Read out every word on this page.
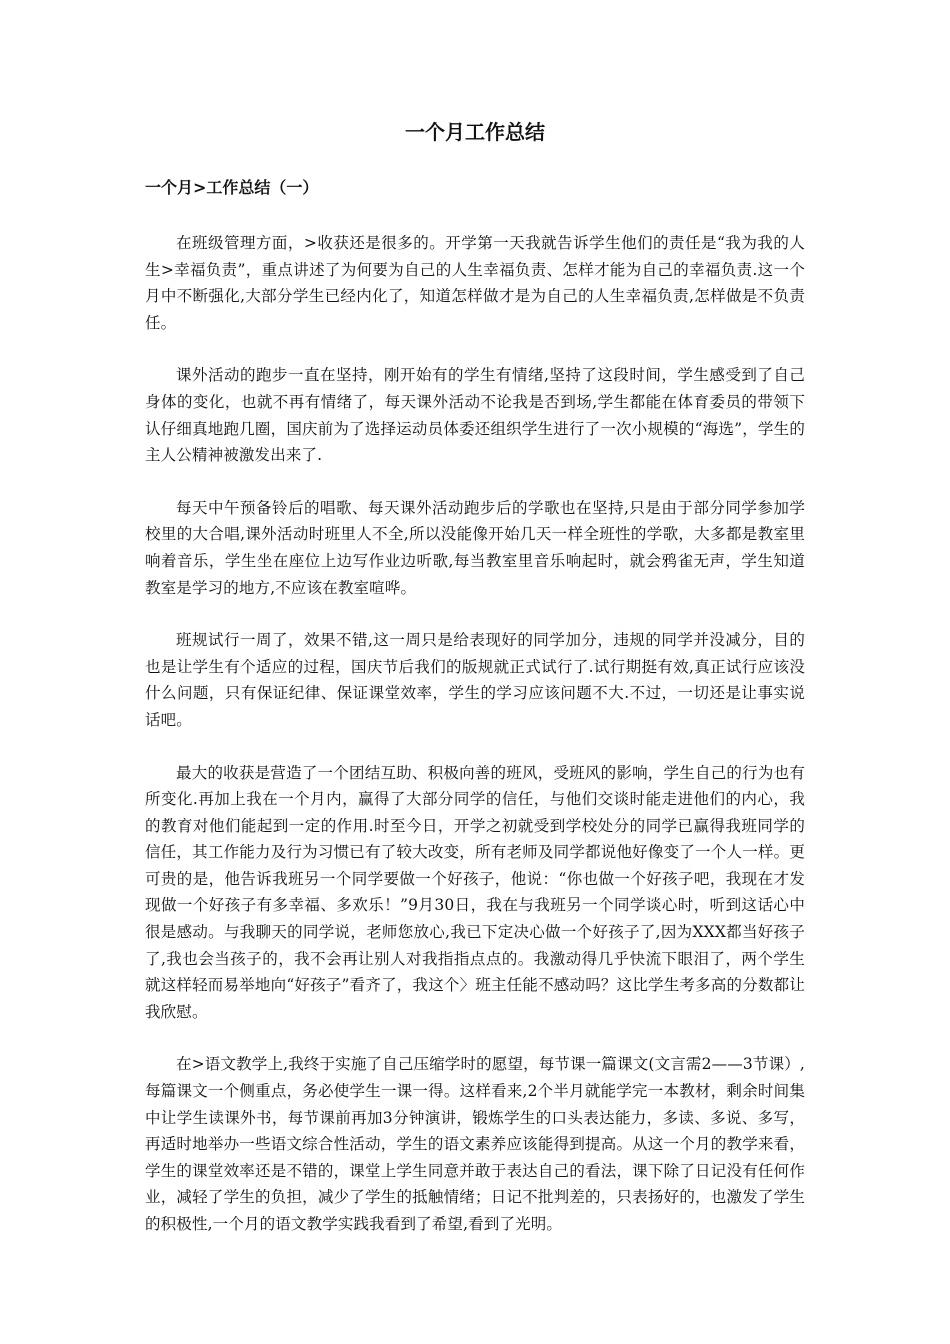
一个月工作总结
一个月>工作总结（一）

在班级管理方面，>收获还是很多的。开学第一天我就告诉学生他们的责任是“我为我的人生>幸福负责”，重点讲述了为何要为自己的人生幸福负责、怎样才能为自己的幸福负责.这一个月中不断强化,大部分学生已经内化了，知道怎样做才是为自己的人生幸福负责,怎样做是不负责任。

课外活动的跑步一直在坚持，刚开始有的学生有情绪,坚持了这段时间，学生感受到了自己身体的变化，也就不再有情绪了，每天课外活动不论我是否到场,学生都能在体育委员的带领下认仔细真地跑几圈，国庆前为了选择运动员体委还组织学生进行了一次小规模的“海选”，学生的主人公精神被激发出来了.

每天中午预备铃后的唱歌、每天课外活动跑步后的学歌也在坚持,只是由于部分同学参加学校里的大合唱,课外活动时班里人不全,所以没能像开始几天一样全班性的学歌，大多都是教室里响着音乐，学生坐在座位上边写作业边听歌,每当教室里音乐响起时，就会鸦雀无声，学生知道教室是学习的地方,不应该在教室喧哗。

班规试行一周了，效果不错,这一周只是给表现好的同学加分，违规的同学并没减分，目的也是让学生有个适应的过程，国庆节后我们的版规就正式试行了.试行期挺有效,真正试行应该没什么问题，只有保证纪律、保证课堂效率，学生的学习应该问题不大.不过，一切还是让事实说话吧。

最大的收获是营造了一个团结互助、积极向善的班风，受班风的影响，学生自己的行为也有所变化.再加上我在一个月内，赢得了大部分同学的信任，与他们交谈时能走进他们的内心，我的教育对他们能起到一定的作用.时至今日，开学之初就受到学校处分的同学已赢得我班同学的信任，其工作能力及行为习惯已有了较大改变，所有老师及同学都说他好像变了一个人一样。更可贵的是，他告诉我班另一个同学要做一个好孩子，他说：“你也做一个好孩子吧，我现在才发现做一个好孩子有多幸福、多欢乐！”9月30日，我在与我班另一个同学谈心时，听到这话心中很是感动。与我聊天的同学说，老师您放心,我已下定决心做一个好孩子了,因为XXX都当好孩子了,我也会当孩子的，我不会再让别人对我指指点点的。我激动得几乎快流下眼泪了，两个学生就这样轻而易举地向“好孩子”看齐了，我这个〉班主任能不感动吗？这比学生考多高的分数都让我欣慰。

在>语文教学上,我终于实施了自己压缩学时的愿望，每节课一篇课文(文言需2——3节课）,每篇课文一个侧重点，务必使学生一课一得。这样看来,2个半月就能学完一本教材，剩余时间集中让学生读课外书，每节课前再加3分钟演讲，锻炼学生的口头表达能力，多读、多说、多写，再适时地举办一些语文综合性活动，学生的语文素养应该能得到提高。从这一个月的教学来看，学生的课堂效率还是不错的，课堂上学生同意并敢于表达自己的看法，课下除了日记没有任何作业，减轻了学生的负担，减少了学生的抵触情绪；日记不批判差的，只表扬好的，也激发了学生的积极性,一个月的语文教学实践我看到了希望,看到了光明。
